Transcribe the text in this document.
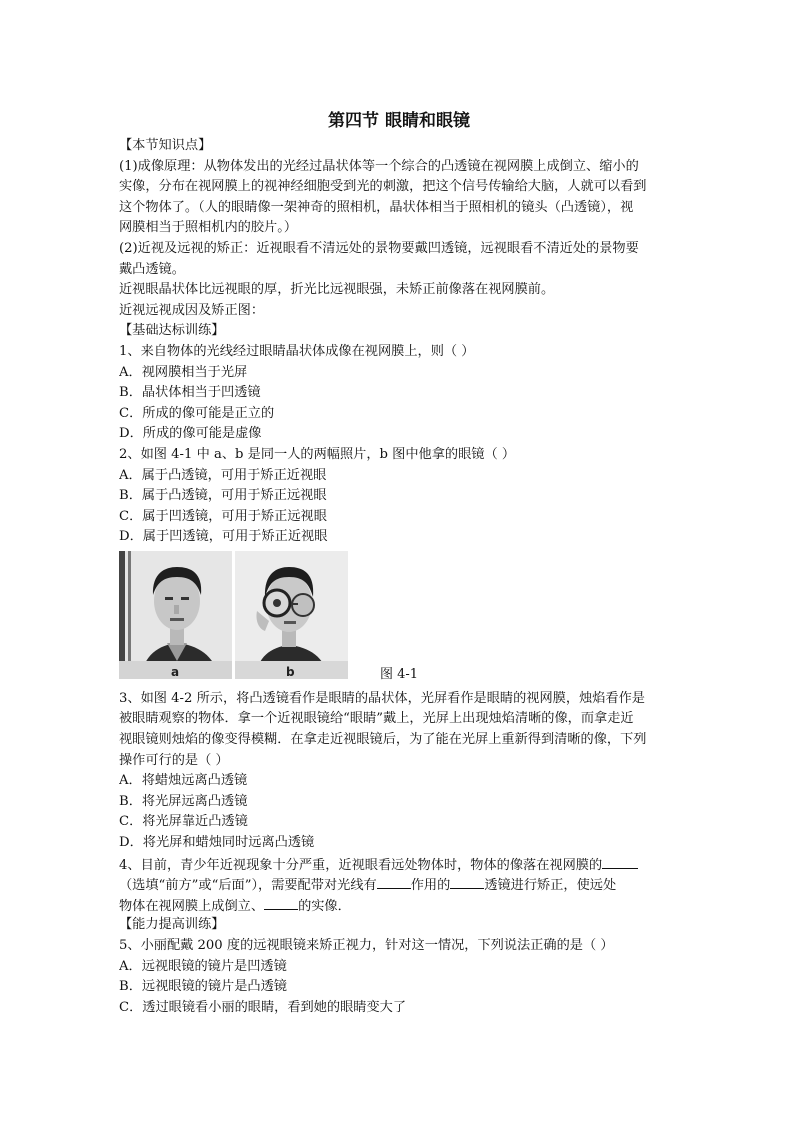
第四节 眼睛和眼镜
【本节知识点】
(1)成像原理：从物体发出的光经过晶状体等一个综合的凸透镜在视网膜上成倒立、缩小的
实像，分布在视网膜上的视神经细胞受到光的刺激，把这个信号传输给大脑，人就可以看到
这个物体了。（人的眼睛像一架神奇的照相机，晶状体相当于照相机的镜头（凸透镜），视
网膜相当于照相机内的胶片。）
(2)近视及远视的矫正：近视眼看不清远处的景物要戴凹透镜，远视眼看不清近处的景物要
戴凸透镜。
近视眼晶状体比远视眼的厚，折光比远视眼强，未矫正前像落在视网膜前。
近视远视成因及矫正图：
【基础达标训练】
1、来自物体的光线经过眼睛晶状体成像在视网膜上，则（ ）
A．视网膜相当于光屏
B．晶状体相当于凹透镜
C．所成的像可能是正立的
D．所成的像可能是虚像
2、如图 4-1 中 a、b 是同一人的两幅照片，b 图中他拿的眼镜（ ）
A．属于凸透镜，可用于矫正近视眼
B．属于凸透镜，可用于矫正远视眼
C．属于凹透镜，可用于矫正远视眼
D．属于凹透镜，可用于矫正近视眼
a	b	图 4-1
3、如图 4-2 所示，将凸透镜看作是眼睛的晶状体，光屏看作是眼睛的视网膜，烛焰看作是
被眼睛观察的物体．拿一个近视眼镜给“眼睛”戴上，光屏上出现烛焰清晰的像，而拿走近
视眼镜则烛焰的像变得模糊．在拿走近视眼镜后，为了能在光屏上重新得到清晰的像，下列
操作可行的是（ ）
A．将蜡烛远离凸透镜
B．将光屏远离凸透镜
C．将光屏靠近凸透镜
D．将光屏和蜡烛同时远离凸透镜
4、目前，青少年近视现象十分严重，近视眼看远处物体时，物体的像落在视网膜的
（选填“前方”或“后面”），需要配带对光线有	作用的	透镜进行矫正，使远处
物体在视网膜上成倒立、	的实像．
【能力提高训练】
5、小丽配戴 200 度的远视眼镜来矫正视力，针对这一情况，下列说法正确的是（ ）
A．远视眼镜的镜片是凹透镜
B．远视眼镜的镜片是凸透镜
C．透过眼镜看小丽的眼睛，看到她的眼睛变大了
